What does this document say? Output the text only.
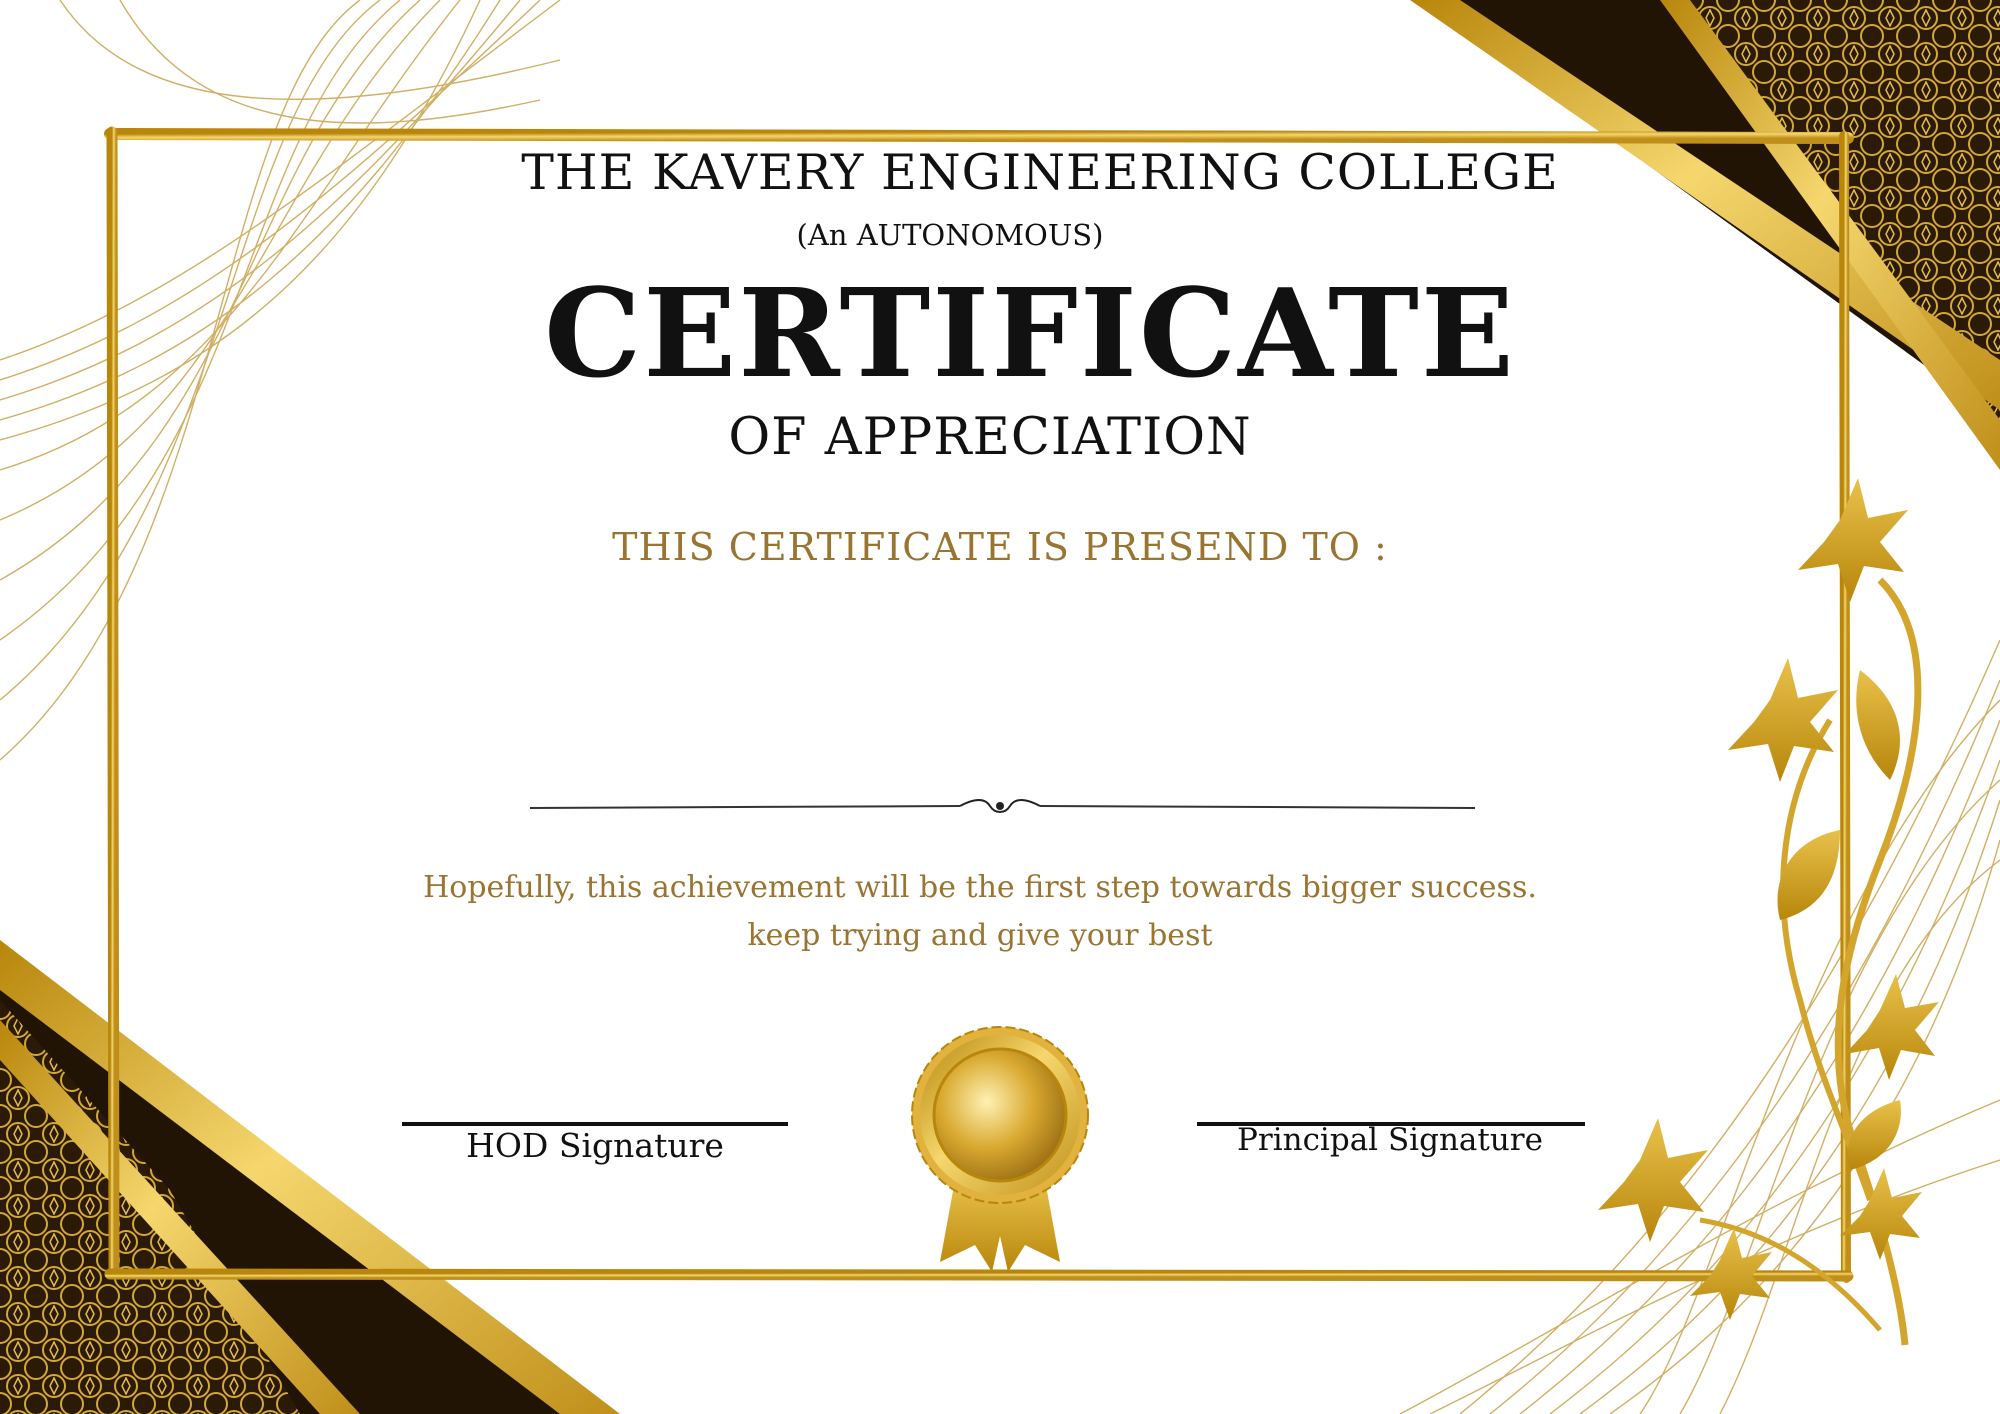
THE KAVERY ENGINEERING COLLEGE
(An AUTONOMOUS)
CERTIFICATE
OF APPRECIATION
THIS CERTIFICATE IS PRESEND TO :
Hopefully, this achievement will be the first step towards bigger success.
keep trying and give your best
HOD Signature	Principal Signature
